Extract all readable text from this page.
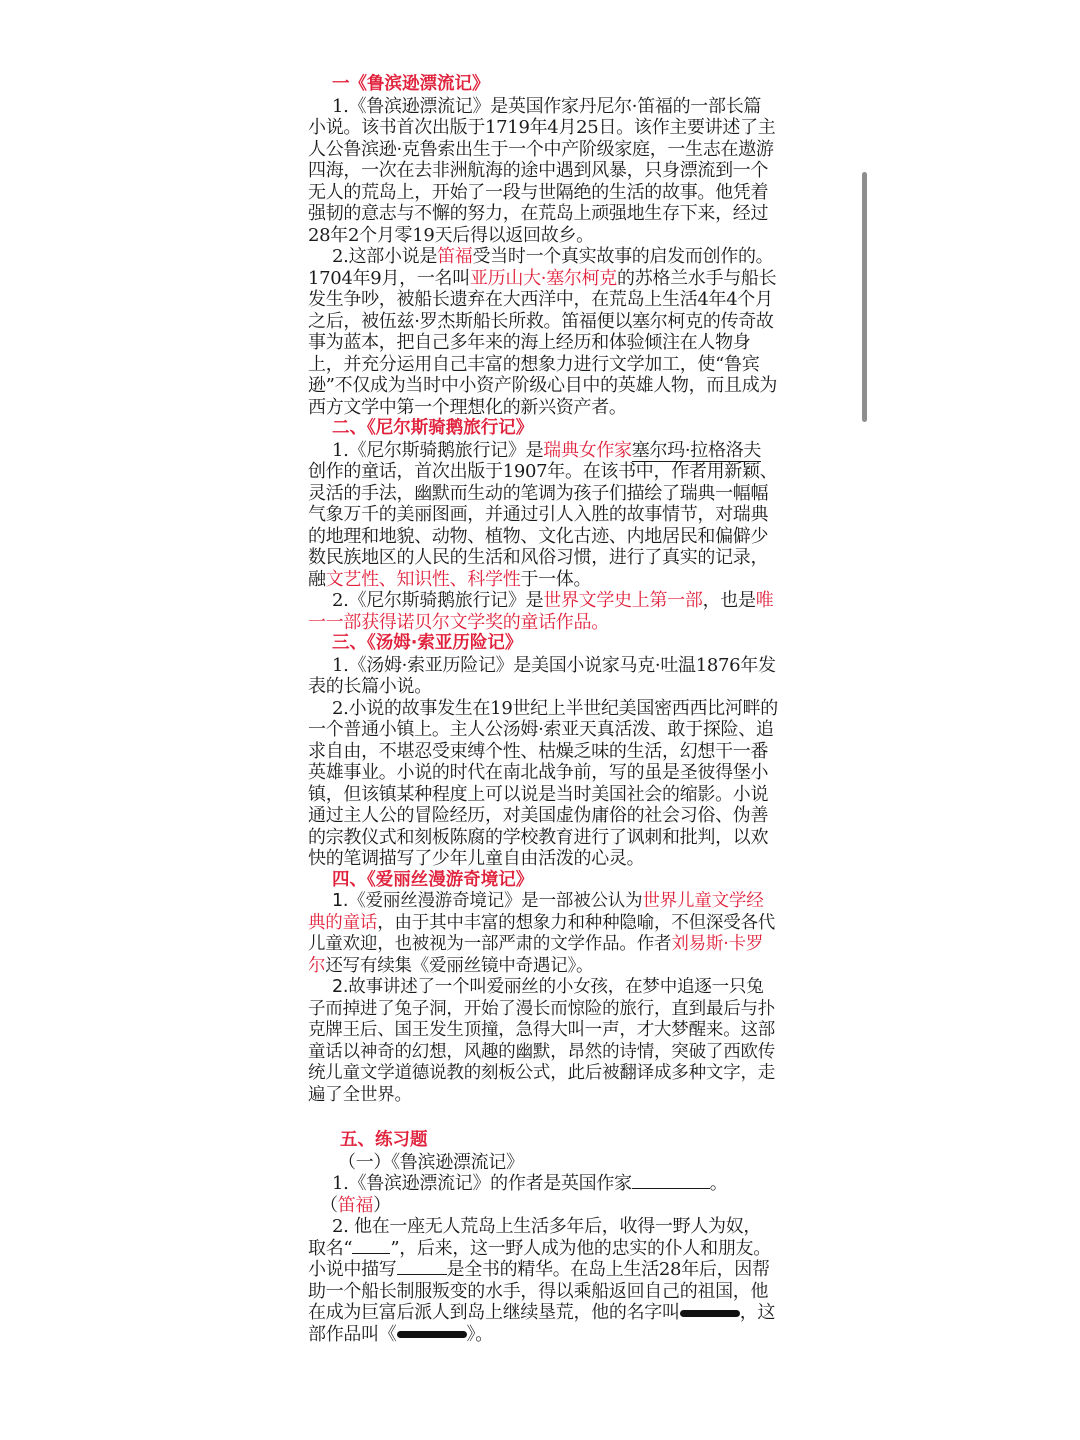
一《鲁滨逊漂流记》
1.《鲁滨逊漂流记》是英国作家丹尼尔·笛福的一部长篇小说。该书首次出版于1719年4月25日。该作主要讲述了主人公鲁滨逊·克鲁索出生于一个中产阶级家庭，一生志在遨游四海，一次在去非洲航海的途中遇到风暴，只身漂流到一个无人的荒岛上，开始了一段与世隔绝的生活的故事。他凭着强韧的意志与不懈的努力，在荒岛上顽强地生存下来，经过28年2个月零19天后得以返回故乡。
2.这部小说是笛福受当时一个真实故事的启发而创作的。1704年9月，一名叫亚历山大·塞尔柯克的苏格兰水手与船长发生争吵，被船长遗弃在大西洋中，在荒岛上生活4年4个月之后，被伍兹·罗杰斯船长所救。笛福便以塞尔柯克的传奇故事为蓝本，把自己多年来的海上经历和体验倾注在人物身上，并充分运用自己丰富的想象力进行文学加工，使“鲁宾逊”不仅成为当时中小资产阶级心目中的英雄人物，而且成为西方文学中第一个理想化的新兴资产者。
二、《尼尔斯骑鹅旅行记》
1.《尼尔斯骑鹅旅行记》是瑞典女作家塞尔玛·拉格洛夫创作的童话，首次出版于1907年。在该书中，作者用新颖、灵活的手法，幽默而生动的笔调为孩子们描绘了瑞典一幅幅气象万千的美丽图画，并通过引人入胜的故事情节，对瑞典的地理和地貌、动物、植物、文化古迹、内地居民和偏僻少数民族地区的人民的生活和风俗习惯，进行了真实的记录，融文艺性、知识性、科学性于一体。
2.《尼尔斯骑鹅旅行记》是世界文学史上第一部，也是唯一一部获得诺贝尔文学奖的童话作品。
三、《汤姆·索亚历险记》
1.《汤姆·索亚历险记》是美国小说家马克·吐温1876年发表的长篇小说。
2.小说的故事发生在19世纪上半世纪美国密西西比河畔的一个普通小镇上。主人公汤姆·索亚天真活泼、敢于探险、追求自由，不堪忍受束缚个性、枯燥乏味的生活，幻想干一番英雄事业。小说的时代在南北战争前，写的虽是圣彼得堡小镇，但该镇某种程度上可以说是当时美国社会的缩影。小说通过主人公的冒险经历，对美国虚伪庸俗的社会习俗、伪善的宗教仪式和刻板陈腐的学校教育进行了讽刺和批判，以欢快的笔调描写了少年儿童自由活泼的心灵。
四、《爱丽丝漫游奇境记》
1.《爱丽丝漫游奇境记》是一部被公认为世界儿童文学经典的童话，由于其中丰富的想象力和种种隐喻，不但深受各代儿童欢迎，也被视为一部严肃的文学作品。作者刘易斯·卡罗尔还写有续集《爱丽丝镜中奇遇记》。
2.故事讲述了一个叫爱丽丝的小女孩，在梦中追逐一只兔子而掉进了兔子洞，开始了漫长而惊险的旅行，直到最后与扑克牌王后、国王发生顶撞，急得大叫一声，才大梦醒来。这部童话以神奇的幻想，风趣的幽默，昂然的诗情，突破了西欧传统儿童文学道德说教的刻板公式，此后被翻译成多种文字，走遍了全世界。
五、练习题
（一）《鲁滨逊漂流记》
1.《鲁滨逊漂流记》的作者是英国作家	。
（笛福）
2. 他在一座无人荒岛上生活多年后，收得一野人为奴，取名“ ”，后来，这一野人成为他的忠实的仆人和朋友。小说中描写	是全书的精华。在岛上生活28年后，因帮助一个船长制服叛变的水手，得以乘船返回自己的祖国，他在成为巨富后派人到岛上继续垦荒，他的名字叫	，这部作品叫《	》。
